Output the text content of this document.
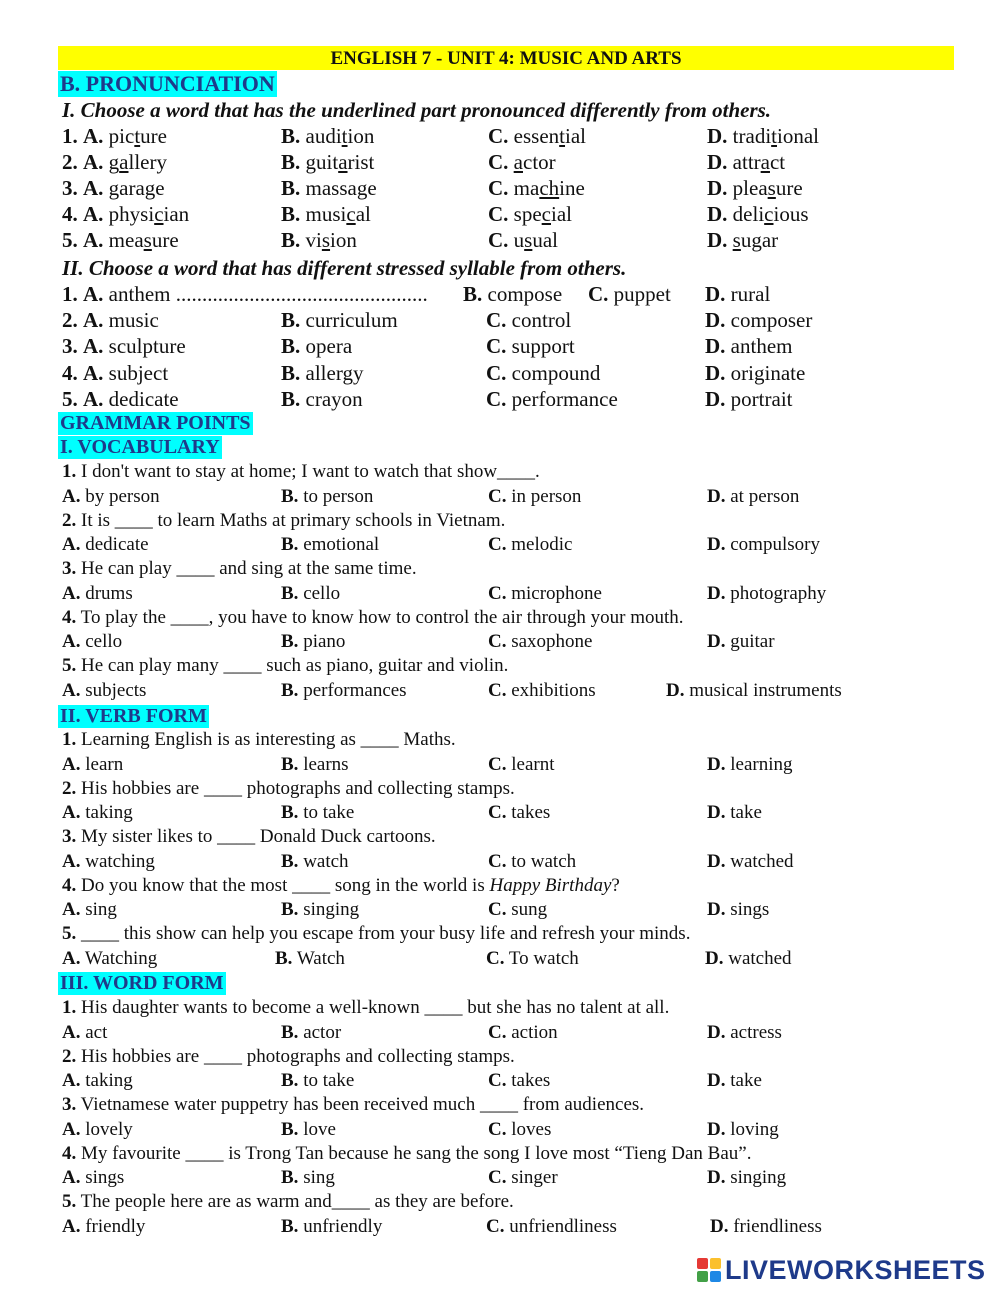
ENGLISH 7 - UNIT 4: MUSIC AND ARTS
B. PRONUNCIATION
I. Choose a word that has the underlined part pronounced differently from others.
1. A. picture	B. audition	C. essential	D. traditional
2. A. gallery	B. guitarist	C. actor	D. attract
3. A. garage	B. massage	C. machine	D. pleasure
4. A. physician	B. musical	C. special	D. delicious
5. A. measure	B. vision	C. usual	D. sugar
II. Choose a word that has different stressed syllable from others.
1. A. anthem ................................................ B. compose C. puppet D. rural
2. A. music	B. curriculum	C. control	D. composer
3. A. sculpture	B. opera	C. support	D. anthem
4. A. subject	B. allergy	C. compound	D. originate
5. A. dedicate	B. crayon	C. performance	D. portrait
GRAMMAR POINTS
I. VOCABULARY
1. I don't want to stay at home; I want to watch that show____.
A. by person	B. to person	C. in person	D. at person
2. It is ____ to learn Maths at primary schools in Vietnam.
A. dedicate	B. emotional	C. melodic	D. compulsory
3. He can play ____ and sing at the same time.
A. drums	B. cello	C. microphone	D. photography
4. To play the ____, you have to know how to control the air through your mouth.
A. cello	B. piano	C. saxophone	D. guitar
5. He can play many ____ such as piano, guitar and violin.
A. subjects	B. performances	C. exhibitions	D. musical instruments
II. VERB FORM
1. Learning English is as interesting as ____ Maths.
A. learn	B. learns	C. learnt	D. learning
2. His hobbies are ____ photographs and collecting stamps.
A. taking	B. to take	C. takes	D. take
3. My sister likes to ____ Donald Duck cartoons.
A. watching	B. watch	C. to watch	D. watched
4. Do you know that the most ____ song in the world is Happy Birthday?
A. sing	B. singing	C. sung	D. sings
5. ____ this show can help you escape from your busy life and refresh your minds.
A. Watching	B. Watch	C. To watch	D. watched
III. WORD FORM
1. His daughter wants to become a well-known ____ but she has no talent at all.
A. act	B. actor	C. action	D. actress
2. His hobbies are ____ photographs and collecting stamps.
A. taking	B. to take	C. takes	D. take
3. Vietnamese water puppetry has been received much ____ from audiences.
A. lovely	B. love	C. loves	D. loving
4. My favourite ____ is Trong Tan because he sang the song I love most “Tieng Dan Bau”.
A. sings	B. sing	C. singer	D. singing
5. The people here are as warm and____ as they are before.
A. friendly	B. unfriendly	C. unfriendliness	D. friendliness
LIVEWORKSHEETS
